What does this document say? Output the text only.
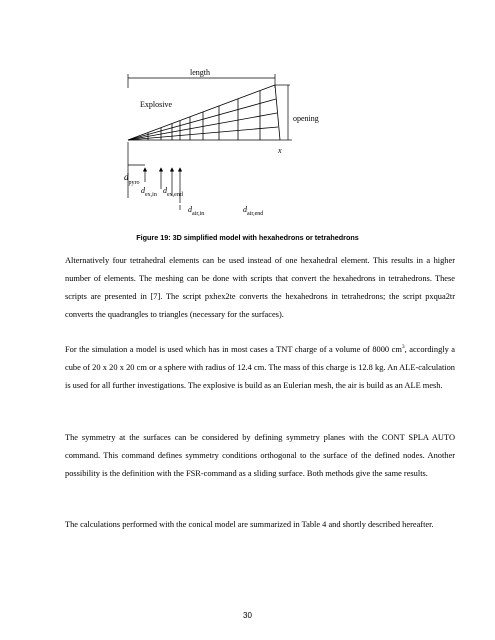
length
Explosive
opening
x
$d_{pyro}$
$d_{ex,in}$ $d_{ex,end}$
$d_{air,in}$	$d_{air,end}$
Figure 19: 3D simplified model with hexahedrons or tetrahedrons

Alternatively four tetrahedral elements can be used instead of one hexahedral element. This results in a higher number of elements. The meshing can be done with scripts that convert the hexahedrons in tetrahedrons. These scripts are presented in [7]. The script pxhex2te converts the hexahedrons in tetrahedrons; the script pxqua2tr converts the quadrangles to triangles (necessary for the surfaces).

For the simulation a model is used which has in most cases a TNT charge of a volume of 8000 $cm^3$, accordingly a cube of 20 x 20 x 20 cm or a sphere with radius of 12.4 cm. The mass of this charge is 12.8 kg. An ALE-calculation is used for all further investigations. The explosive is build as an Eulerian mesh, the air is build as an ALE mesh.

The symmetry at the surfaces can be considered by defining symmetry planes with the CONT SPLA AUTO command. This command defines symmetry conditions orthogonal to the surface of the defined nodes. Another possibility is the definition with the FSR-command as a sliding surface. Both methods give the same results.

The calculations performed with the conical model are summarized in Table 4 and shortly described hereafter.

30
